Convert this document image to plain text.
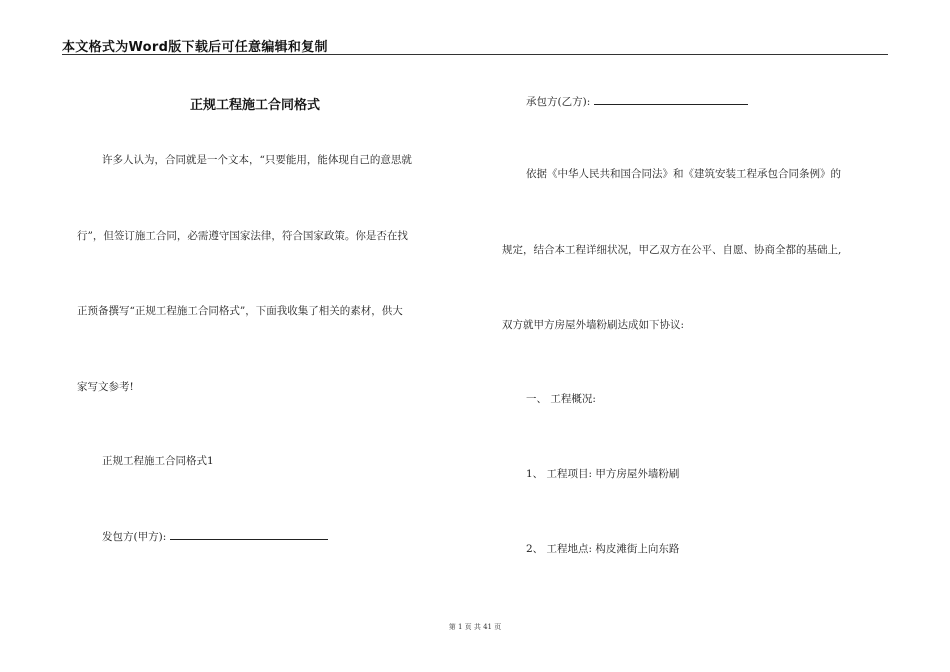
本文格式为Word版下载后可任意编辑和复制
正规工程施工合同格式
许多人认为，合同就是一个文本，“只要能用，能体现自己的意思就
行”，但签订施工合同，必需遵守国家法律，符合国家政策。你是否在找
正预备撰写“正规工程施工合同格式”，下面我收集了相关的素材，供大
家写文参考!
正规工程施工合同格式1
发包方(甲方):
承包方(乙方):
依据《中华人民共和国合同法》和《建筑安装工程承包合同条例》的
规定，结合本工程详细状况，甲乙双方在公平、自愿、协商全都的基础上,
双方就甲方房屋外墙粉刷达成如下协议:
一、 工程概况:
1、 工程项目: 甲方房屋外墙粉刷
2、 工程地点: 构皮滩街上向东路
第 1 页 共 41 页
